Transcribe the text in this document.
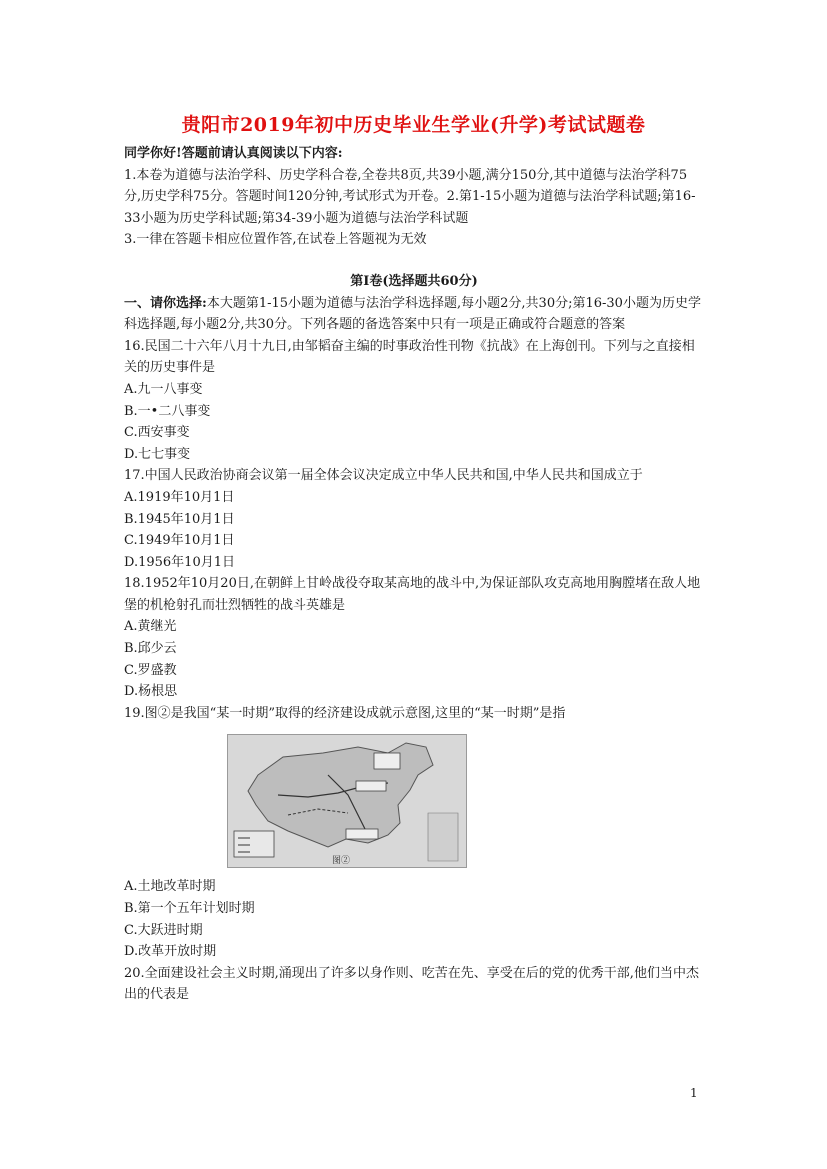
贵阳市2019年初中历史毕业生学业(升学)考试试题卷

同学你好!答题前请认真阅读以下内容:

1.本卷为道德与法治学科、历史学科合卷,全卷共8页,共39小题,满分150分,其中道德与法治学科75分,历史学科75分。答题时间120分钟,考试形式为开卷。2.第1-15小题为道德与法治学科试题;第16-33小题为历史学科试题;第34-39小题为道德与法治学科试题

3.一律在答题卡相应位置作答,在试卷上答题视为无效

第Ⅰ卷(选择题共60分)

一、请你选择:本大题第1-15小题为道德与法治学科选择题,每小题2分,共30分;第16-30小题为历史学科选择题,每小题2分,共30分。下列各题的备选答案中只有一项是正确或符合题意的答案

16.民国二十六年八月十九日,由邹韬奋主编的时事政治性刊物《抗战》在上海创刊。下列与之直接相关的历史事件是

A.九一八事变

B.一•二八事变

C.西安事变

D.七七事变

17.中国人民政治协商会议第一届全体会议决定成立中华人民共和国,中华人民共和国成立于

A.1919年10月1日

B.1945年10月1日

C.1949年10月1日

D.1956年10月1日

18.1952年10月20日,在朝鲜上甘岭战役夺取某高地的战斗中,为保证部队攻克高地用胸膛堵在敌人地堡的机枪射孔而壮烈牺牲的战斗英雄是

A.黄继光

B.邱少云

C.罗盛教

D.杨根思

19.图②是我国“某一时期”取得的经济建设成就示意图,这里的“某一时期”是指

图②

A.土地改革时期

B.第一个五年计划时期

C.大跃进时期

D.改革开放时期

20.全面建设社会主义时期,涌现出了许多以身作则、吃苦在先、享受在后的党的优秀干部,他们当中杰出的代表是

1
